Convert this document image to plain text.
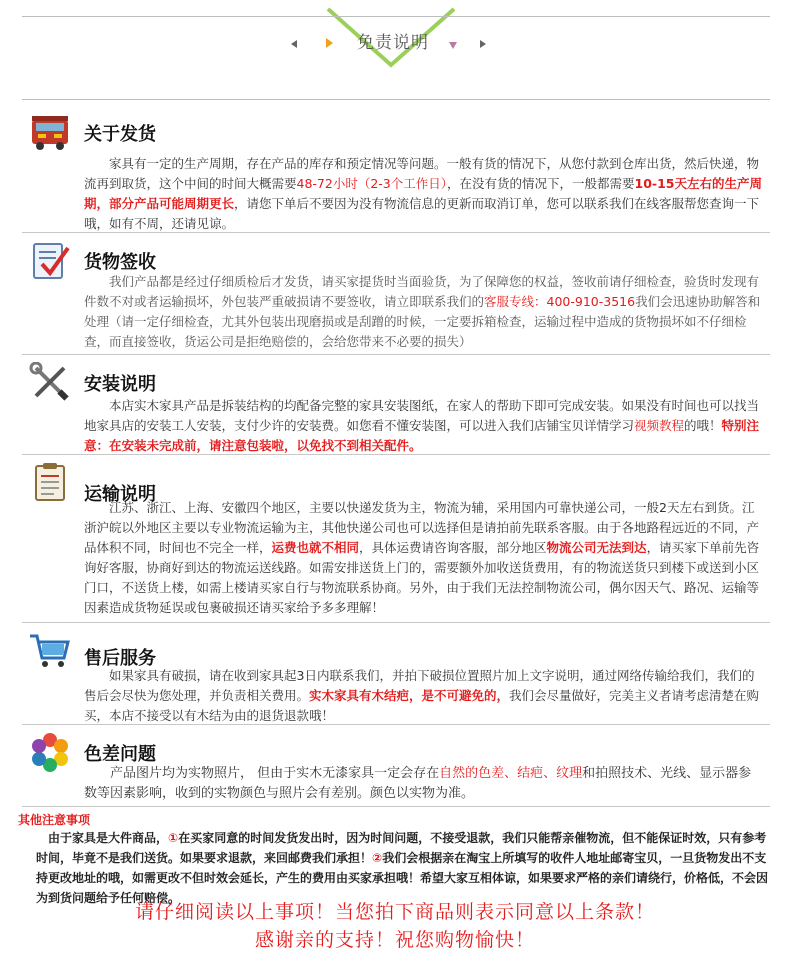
免责说明
关于发货
家具有一定的生产周期，存在产品的库存和预定情况等问题。一般有货的情况下，从您付款到仓库出货，然后快递，物流再到取货，这个中间的时间大概需要48-72小时（2-3个工作日），在没有货的情况下，一般都需要10-15天左右的生产周期，部分产品可能周期更长，请您下单后不要因为没有物流信息的更新而取消订单，您可以联系我们在线客服帮您查询一下哦，如有不周，还请见谅。
货物签收
我们产品都是经过仔细质检后才发货，请买家提货时当面验货，为了保障您的权益，签收前请仔细检查，验货时发现有件数不对或者运输损坏，外包装严重破损请不要签收，请立即联系我们的客服专线：400-910-3516我们会迅速协助解答和处理（请一定仔细检查，尤其外包装出现磨损或是刮蹭的时候，一定要拆箱检查，运输过程中造成的货物损坏如不仔细检查，而直接签收，货运公司是拒绝赔偿的，会给您带来不必要的损失）
安装说明
本店实木家具产品是拆装结构的均配备完整的家具安装图纸，在家人的帮助下即可完成安装。如果没有时间也可以找当地家具店的安装工人安装，支付少许的安装费。如您看不懂安装图，可以进入我们店铺宝贝详情学习视频教程的哦！特别注意：在安装未完成前，请注意包装啦，以免找不到相关配件。
运输说明
江苏、浙江、上海、安徽四个地区，主要以快递发货为主，物流为辅，采用国内可靠快递公司，一般2天左右到货。江浙沪皖以外地区主要以专业物流运输为主，其他快递公司也可以选择但是请拍前先联系客服。由于各地路程远近的不同，产品体积不同，时间也不完全一样，运费也就不相同，具体运费请咨询客服，部分地区物流公司无法到达，请买家下单前先咨询好客服，协商好到达的物流运送线路。如需安排送货上门的，需要额外加收送货费用，有的物流送货只到楼下或送到小区门口，不送货上楼，如需上楼请买家自行与物流联系协商。另外，由于我们无法控制物流公司，偶尔因天气、路况、运输等因素造成货物延误或包裹破损还请买家给予多多理解！
售后服务
如果家具有破损，请在收到家具起3日内联系我们，并拍下破损位置照片加上文字说明，通过网络传输给我们，我们的售后会尽快为您处理，并负责相关费用。实木家具有木结疤，是不可避免的，我们会尽量做好，完美主义者请考虑清楚在购买，本店不接受以有木结为由的退货退款哦！
色差问题
产品图片均为实物照片， 但由于实木无漆家具一定会存在自然的色差、结疤、纹理和拍照技术、光线、显示器参数等因素影响，收到的实物颜色与照片会有差别。颜色以实物为准。
其他注意事项
由于家具是大件商品，①在买家同意的时间发货发出时，因为时间问题，不接受退款，我们只能帮亲催物流，但不能保证时效，只有参考时间，毕竟不是我们送货。如果要求退款，来回邮费我们承担！②我们会根据亲在淘宝上所填写的收件人地址邮寄宝贝，一旦货物发出不支持更改地址的哦，如需更改不但时效会延长，产生的费用由买家承担哦！希望大家互相体谅，如果要求严格的亲们请绕行，价格低，不会因为到货问题给予任何赔偿。
请仔细阅读以上事项！当您拍下商品则表示同意以上条款！
感谢亲的支持！祝您购物愉快！
